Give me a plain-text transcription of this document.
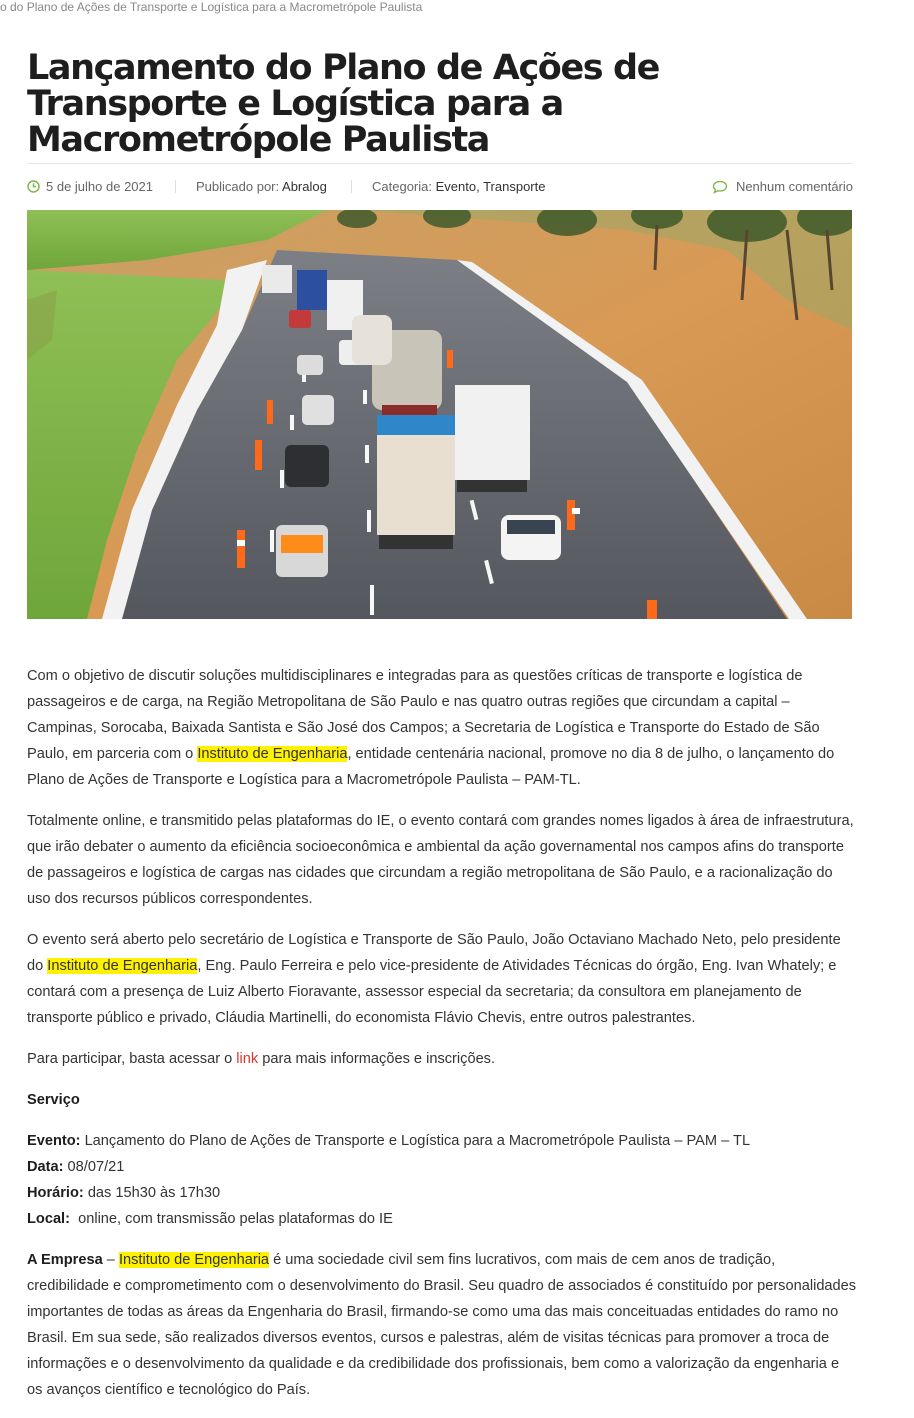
o do Plano de Ações de Transporte e Logística para a Macrometrópole Paulista
Lançamento do Plano de Ações de Transporte e Logística para a Macrometrópole Paulista
5 de julho de 2021	Publicado por: Abralog	Categoria: Evento, Transporte	Nenhum comentário

Com o objetivo de discutir soluções multidisciplinares e integradas para as questões críticas de transporte e logística de passageiros e de carga, na Região Metropolitana de São Paulo e nas quatro outras regiões que circundam a capital – Campinas, Sorocaba, Baixada Santista e São José dos Campos; a Secretaria de Logística e Transporte do Estado de São Paulo, em parceria com o Instituto de Engenharia, entidade centenária nacional, promove no dia 8 de julho, o lançamento do Plano de Ações de Transporte e Logística para a Macrometrópole Paulista – PAM-TL.

Totalmente online, e transmitido pelas plataformas do IE, o evento contará com grandes nomes ligados à área de infraestrutura, que irão debater o aumento da eficiência socioeconômica e ambiental da ação governamental nos campos afins do transporte de passageiros e logística de cargas nas cidades que circundam a região metropolitana de São Paulo, e a racionalização do uso dos recursos públicos correspondentes.

O evento será aberto pelo secretário de Logística e Transporte de São Paulo, João Octaviano Machado Neto, pelo presidente do Instituto de Engenharia, Eng. Paulo Ferreira e pelo vice-presidente de Atividades Técnicas do órgão, Eng. Ivan Whately; e contará com a presença de Luiz Alberto Fioravante, assessor especial da secretaria; da consultora em planejamento de transporte público e privado, Cláudia Martinelli, do economista Flávio Chevis, entre outros palestrantes.

Para participar, basta acessar o link para mais informações e inscrições.

Serviço

Evento: Lançamento do Plano de Ações de Transporte e Logística para a Macrometrópole Paulista – PAM – TL
Data: 08/07/21
Horário: das 15h30 às 17h30
Local:  online, com transmissão pelas plataformas do IE

A Empresa – Instituto de Engenharia é uma sociedade civil sem fins lucrativos, com mais de cem anos de tradição, credibilidade e comprometimento com o desenvolvimento do Brasil. Seu quadro de associados é constituído por personalidades importantes de todas as áreas da Engenharia do Brasil, firmando-se como uma das mais conceituadas entidades do ramo no Brasil. Em sua sede, são realizados diversos eventos, cursos e palestras, além de visitas técnicas para promover a troca de informações e o desenvolvimento da qualidade e da credibilidade dos profissionais, bem como a valorização da engenharia e os avanços científico e tecnológico do País.
